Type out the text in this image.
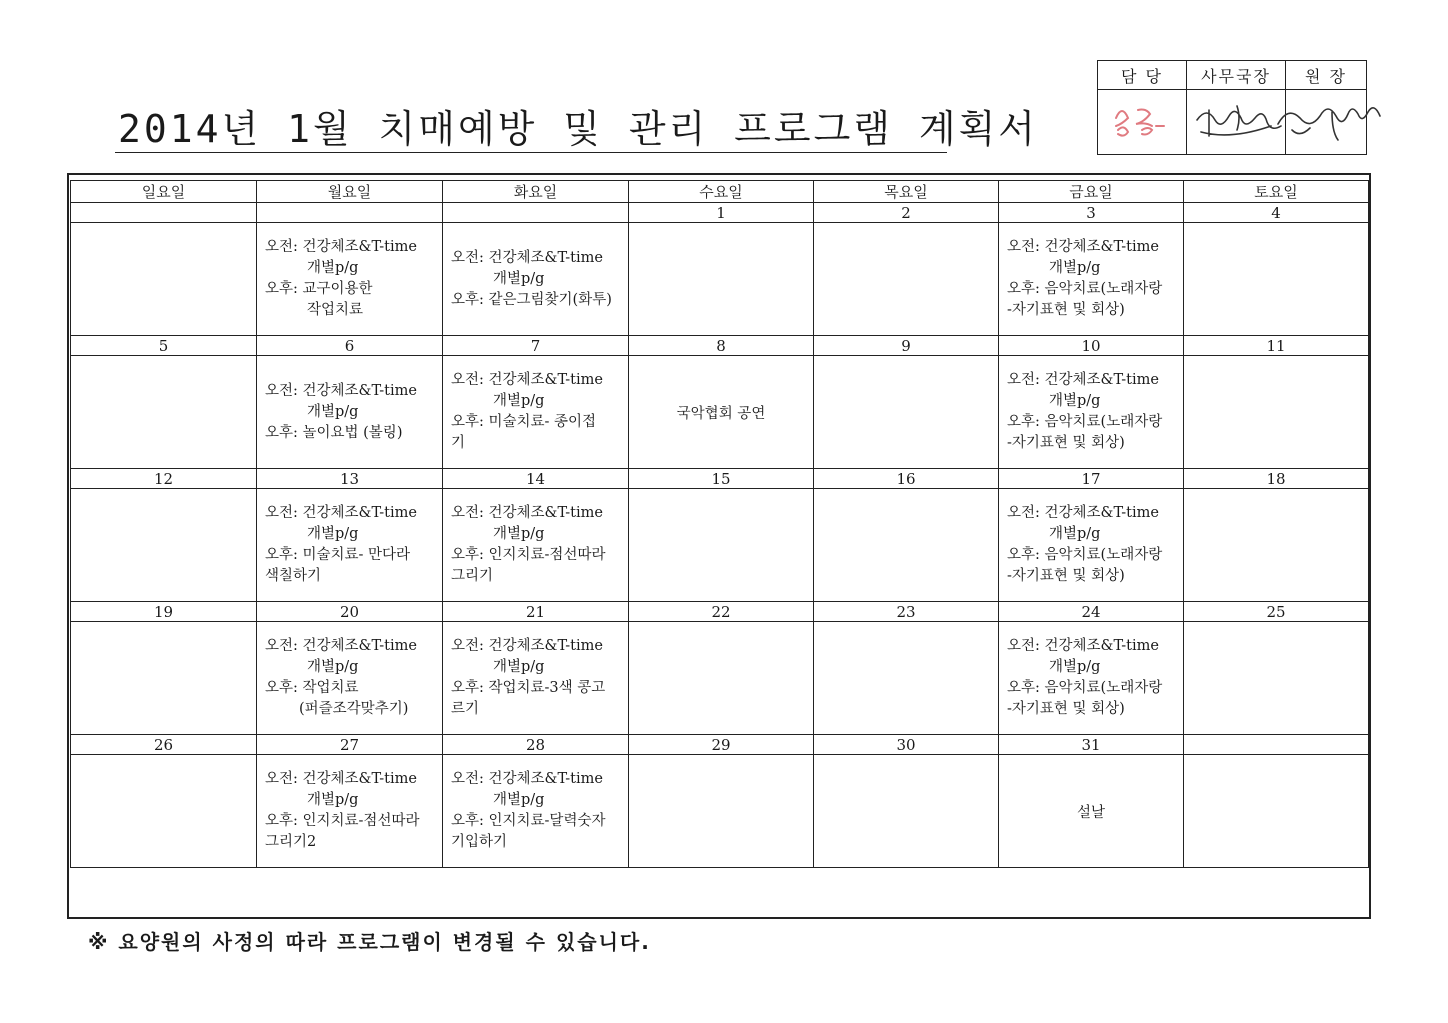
2014년 1월 치매예방 및 관리 프로그램 계획서
담 당	사무국장	원 장

일요일	월요일	화요일	수요일	목요일	금요일	토요일
			1	2	3	4

	오전: 건강체조&T-time
개별p/g
오후: 교구이용한
작업치료	오전: 건강체조&T-time
개별p/g
오후: 같은그림찾기(화투)			오전: 건강체조&T-time
개별p/g
오후: 음악치료(노래자랑
-자기표현 및 회상)	

5	6	7	8	9	10	11

	오전: 건강체조&T-time
개별p/g
오후: 놀이요법 (볼링)	오전: 건강체조&T-time
개별p/g
오후: 미술치료- 종이접
기	국악협회 공연		오전: 건강체조&T-time
개별p/g
오후: 음악치료(노래자랑
-자기표현 및 회상)	

12	13	14	15	16	17	18

	오전: 건강체조&T-time
개별p/g
오후: 미술치료- 만다라
색칠하기	오전: 건강체조&T-time
개별p/g
오후: 인지치료-점선따라
그리기			오전: 건강체조&T-time
개별p/g
오후: 음악치료(노래자랑
-자기표현 및 회상)	

19	20	21	22	23	24	25

	오전: 건강체조&T-time
개별p/g
오후: 작업치료
(퍼즐조각맞추기)	오전: 건강체조&T-time
개별p/g
오후: 작업치료-3색 콩고
르기			오전: 건강체조&T-time
개별p/g
오후: 음악치료(노래자랑
-자기표현 및 회상)	

26	27	28	29	30	31	

	오전: 건강체조&T-time
개별p/g
오후: 인지치료-점선따라
그리기2	오전: 건강체조&T-time
개별p/g
오후: 인지치료-달력숫자
기입하기			설날	

※ 요양원의 사정의 따라 프로그램이 변경될 수 있습니다.
